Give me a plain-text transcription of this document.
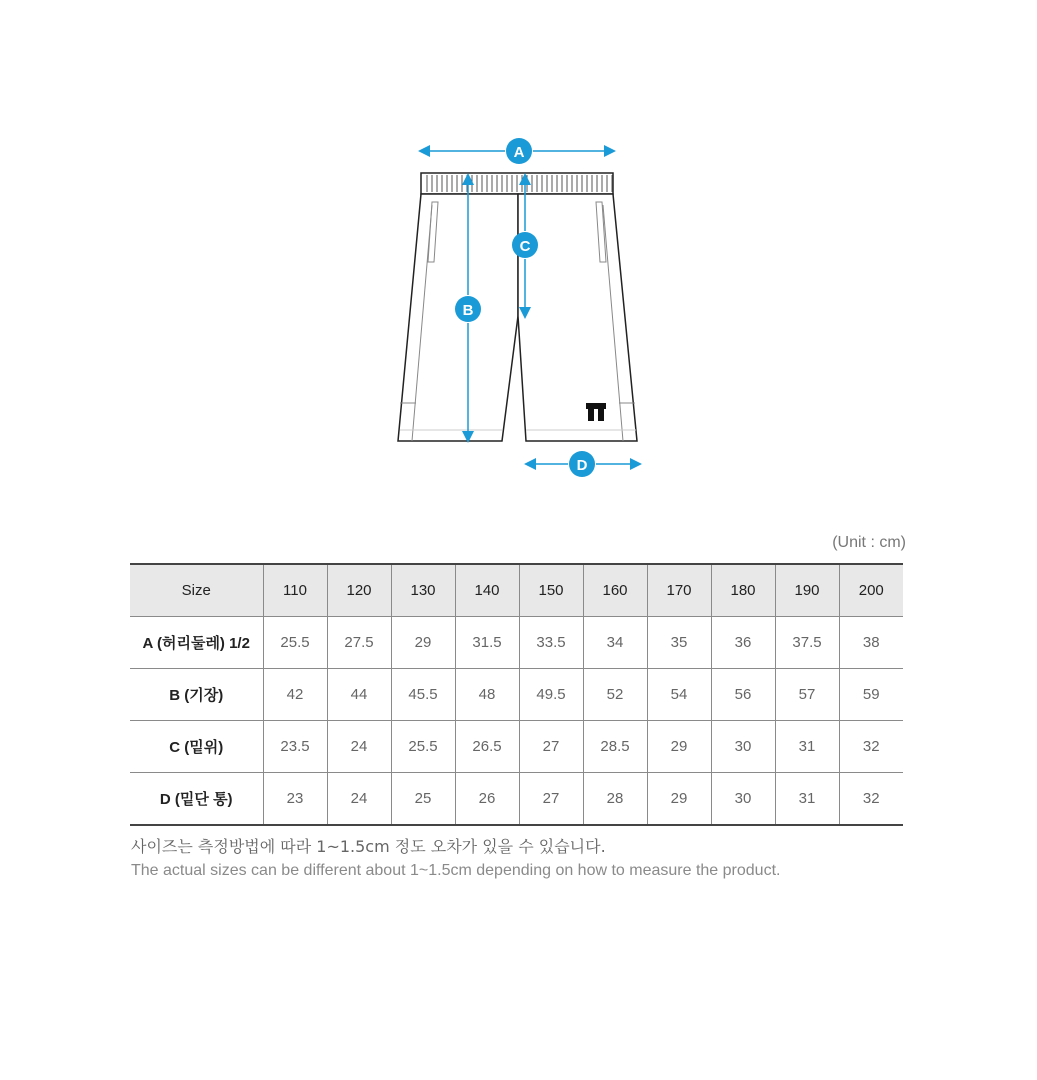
A
B
C
D
(Unit : cm)
Size	110	120	130	140	150	160	170	180	190	200
A (허리둘레) 1/2	25.5	27.5	29	31.5	33.5	34	35	36	37.5	38
B (기장)	42	44	45.5	48	49.5	52	54	56	57	59
C (밑위)	23.5	24	25.5	26.5	27	28.5	29	30	31	32
D (밑단 통)	23	24	25	26	27	28	29	30	31	32
사이즈는 측정방법에 따라 1~1.5cm 정도 오차가 있을 수 있습니다.
The actual sizes can be different about 1~1.5cm depending on how to measure the product.
